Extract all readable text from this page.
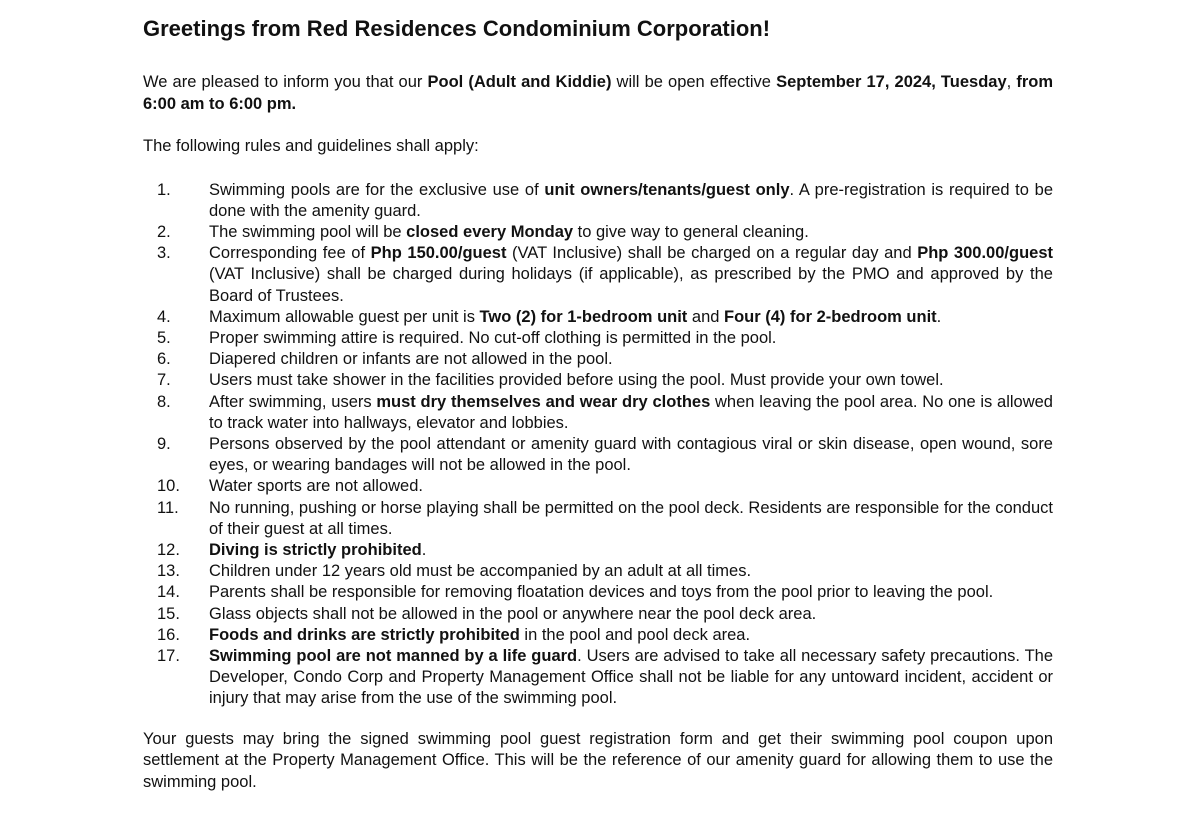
Greetings from Red Residences Condominium Corporation!

We are pleased to inform you that our Pool (Adult and Kiddie) will be open effective September 17, 2024, Tuesday, from 6:00 am to 6:00 pm.

The following rules and guidelines shall apply:

1.	Swimming pools are for the exclusive use of unit owners/tenants/guest only. A pre-registration is required to be done with the amenity guard.
2.	The swimming pool will be closed every Monday to give way to general cleaning.
3.	Corresponding fee of Php 150.00/guest (VAT Inclusive) shall be charged on a regular day and Php 300.00/guest (VAT Inclusive) shall be charged during holidays (if applicable), as prescribed by the PMO and approved by the Board of Trustees.
4.	Maximum allowable guest per unit is Two (2) for 1-bedroom unit and Four (4) for 2-bedroom unit.
5.	Proper swimming attire is required. No cut-off clothing is permitted in the pool.
6.	Diapered children or infants are not allowed in the pool.
7.	Users must take shower in the facilities provided before using the pool. Must provide your own towel.
8.	After swimming, users must dry themselves and wear dry clothes when leaving the pool area. No one is allowed to track water into hallways, elevator and lobbies.
9.	Persons observed by the pool attendant or amenity guard with contagious viral or skin disease, open wound, sore eyes, or wearing bandages will not be allowed in the pool.
10.	Water sports are not allowed.
11.	No running, pushing or horse playing shall be permitted on the pool deck. Residents are responsible for the conduct of their guest at all times.
12.	Diving is strictly prohibited.
13.	Children under 12 years old must be accompanied by an adult at all times.
14.	Parents shall be responsible for removing floatation devices and toys from the pool prior to leaving the pool.
15.	Glass objects shall not be allowed in the pool or anywhere near the pool deck area.
16.	Foods and drinks are strictly prohibited in the pool and pool deck area.
17.	Swimming pool are not manned by a life guard. Users are advised to take all necessary safety precautions. The Developer, Condo Corp and Property Management Office shall not be liable for any untoward incident, accident or injury that may arise from the use of the swimming pool.

Your guests may bring the signed swimming pool guest registration form and get their swimming pool coupon upon settlement at the Property Management Office. This will be the reference of our amenity guard for allowing them to use the swimming pool.
